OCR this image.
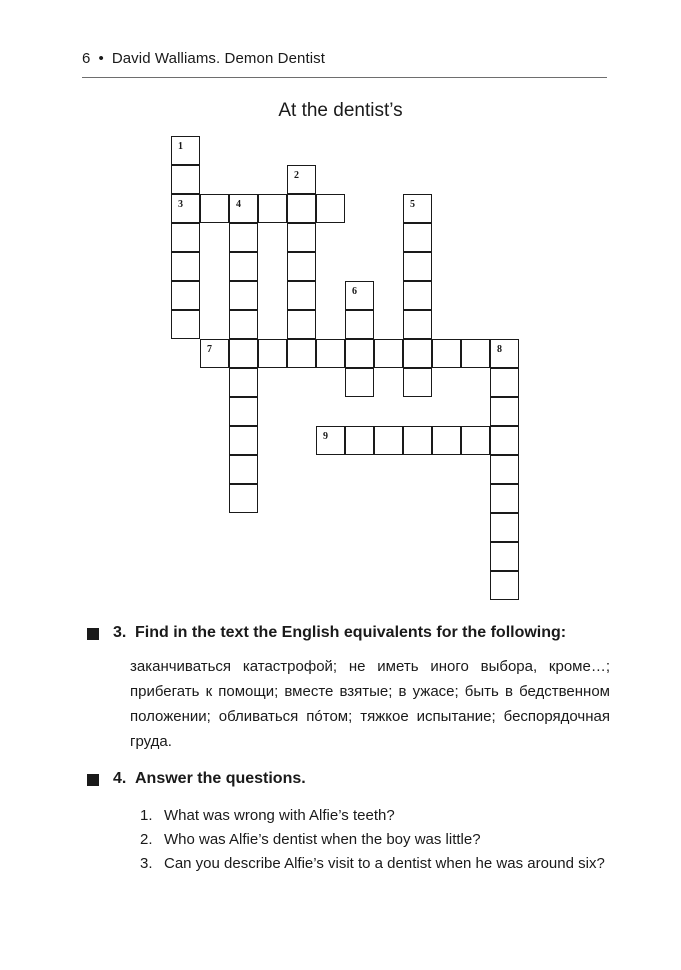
6 • David Walliams. Demon Dentist
At the dentist’s
1
3
2
4	5
6
7	8
9
3. Find in the text the English equivalents for the following:

заканчиваться катастрофой; не иметь иного выбора, кроме…; прибегать к помощи; вместе взятые; в ужасе; быть в бедственном положении; обливаться пóтом; тяжкое испытание; беспорядочная груда.

4. Answer the questions.
1. What was wrong with Alfie’s teeth?
2. Who was Alfie’s dentist when the boy was little?
3. Can you describe Alfie’s visit to a dentist when he was around six?
